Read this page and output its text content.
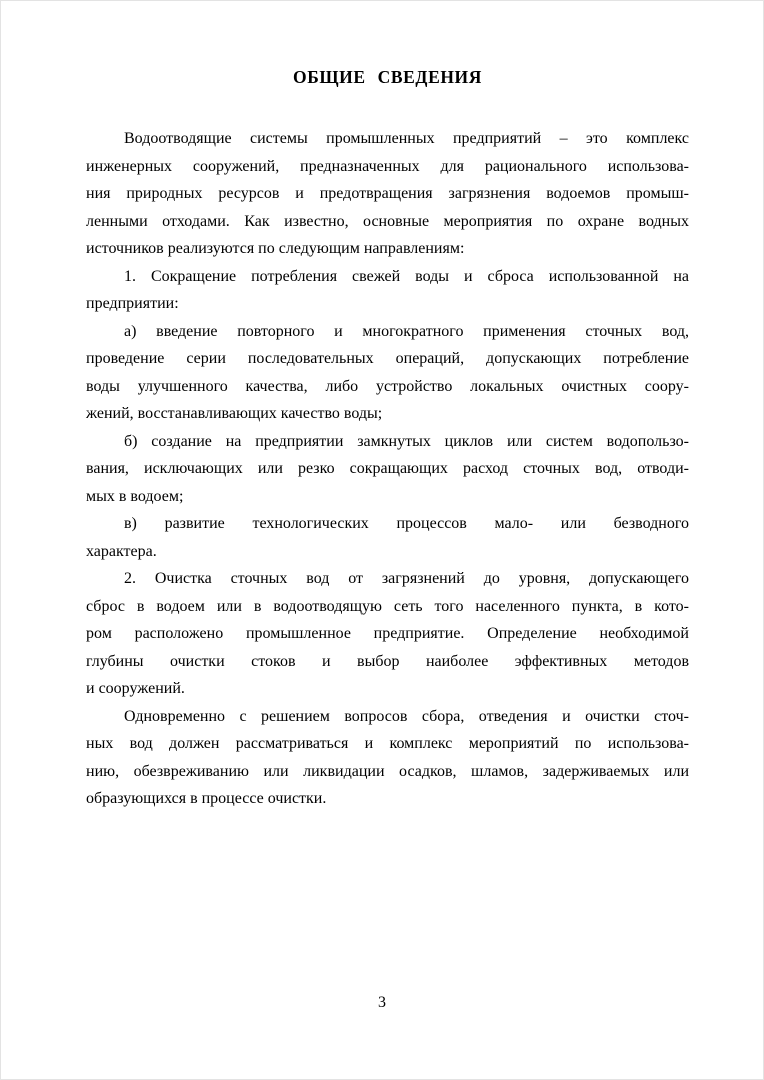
ОБЩИЕ СВЕДЕНИЯ
Водоотводящие системы промышленных предприятий – это комплекс
инженерных сооружений, предназначенных для рационального использова-
ния природных ресурсов и предотвращения загрязнения водоемов промыш-
ленными отходами. Как известно, основные мероприятия по охране водных
источников реализуются по следующим направлениям:
1. Сокращение потребления свежей воды и сброса использованной на
предприятии:
а) введение повторного и многократного применения сточных вод,
проведение серии последовательных операций, допускающих потребление
воды улучшенного качества, либо устройство локальных очистных соору-
жений, восстанавливающих качество воды;
б) создание на предприятии замкнутых циклов или систем водопользо-
вания, исключающих или резко сокращающих расход сточных вод, отводи-
мых в водоем;
в) развитие технологических процессов мало- или безводного
характера.
2. Очистка сточных вод от загрязнений до уровня, допускающего
сброс в водоем или в водоотводящую сеть того населенного пункта, в кото-
ром расположено промышленное предприятие. Определение необходимой
глубины очистки стоков и выбор наиболее эффективных методов
и сооружений.
Одновременно с решением вопросов сбора, отведения и очистки сточ-
ных вод должен рассматриваться и комплекс мероприятий по использова-
нию, обезвреживанию или ликвидации осадков, шламов, задерживаемых или
образующихся в процессе очистки.
3
